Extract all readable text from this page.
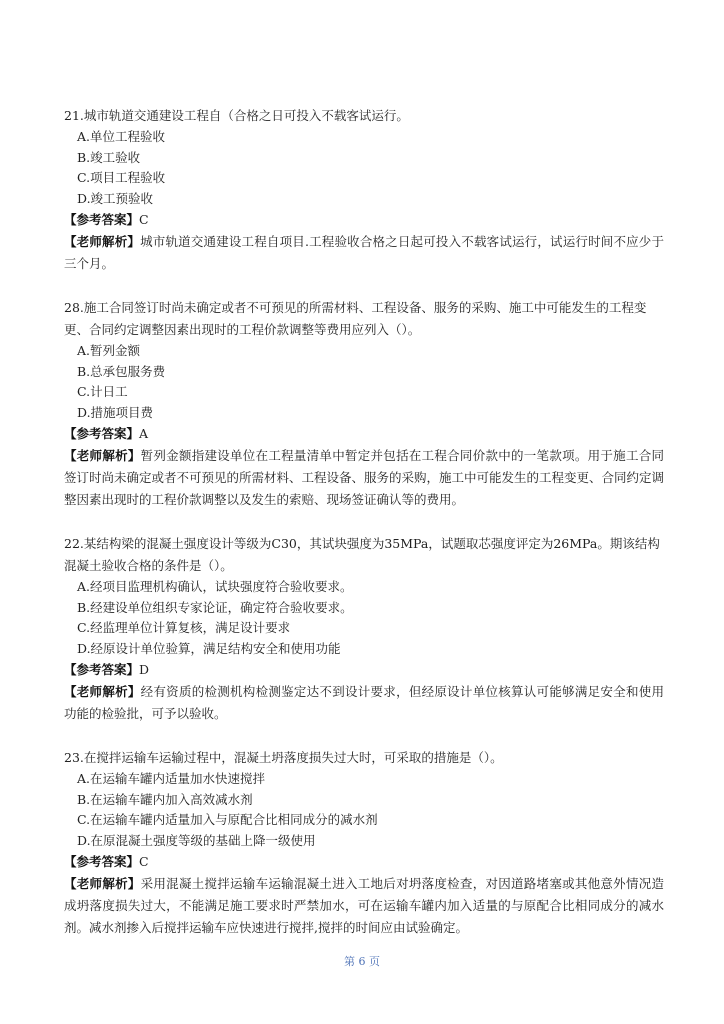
21.城市轨道交通建设工程自（合格之日可投入不载客试运行。

A.单位工程验收
B.竣工验收
C.项目工程验收
D.竣工预验收

【参考答案】C

【老师解析】城市轨道交通建设工程自项目.工程验收合格之日起可投入不载客试运行，试运行时间不应少于三个月。

28.施工合同签订时尚未确定或者不可预见的所需材料、工程设备、服务的采购、施工中可能发生的工程变更、合同约定调整因素出现时的工程价款调整等费用应列入（）。

A.暂列金额
B.总承包服务费
C.计日工
D.措施项目费

【参考答案】A

【老师解析】暂列金额指建设单位在工程量清单中暂定并包括在工程合同价款中的一笔款项。用于施工合同签订时尚未确定或者不可预见的所需材料、工程设备、服务的采购，施工中可能发生的工程变更、合同约定调整因素出现时的工程价款调整以及发生的索赔、现场签证确认等的费用。

22.某结构梁的混凝土强度设计等级为C30，其试块强度为35MPa，试题取芯强度评定为26MPa。期该结构混凝土验收合格的条件是（）。

A.经项目监理机构确认，试块强度符合验收要求。
B.经建设单位组织专家论证，确定符合验收要求。
C.经监理单位计算复核，满足设计要求
D.经原设计单位验算，满足结构安全和使用功能

【参考答案】D

【老师解析】经有资质的检测机构检测鉴定达不到设计要求，但经原设计单位核算认可能够满足安全和使用功能的检验批，可予以验收。

23.在搅拌运输车运输过程中，混凝土坍落度损失过大时，可采取的措施是（）。

A.在运输车罐内适量加水快速搅拌
B.在运输车罐内加入高效减水剂
C.在运输车罐内适量加入与原配合比相同成分的减水剂
D.在原混凝土强度等级的基础上降一级使用

【参考答案】C

【老师解析】采用混凝土搅拌运输车运输混凝土进入工地后对坍落度检查，对因道路堵塞或其他意外情况造成坍落度损失过大，不能满足施工要求时严禁加水，可在运输车罐内加入适量的与原配合比相同成分的减水剂。减水剂掺入后搅拌运输车应快速进行搅拌,搅拌的时间应由试验确定。

第 6 页
